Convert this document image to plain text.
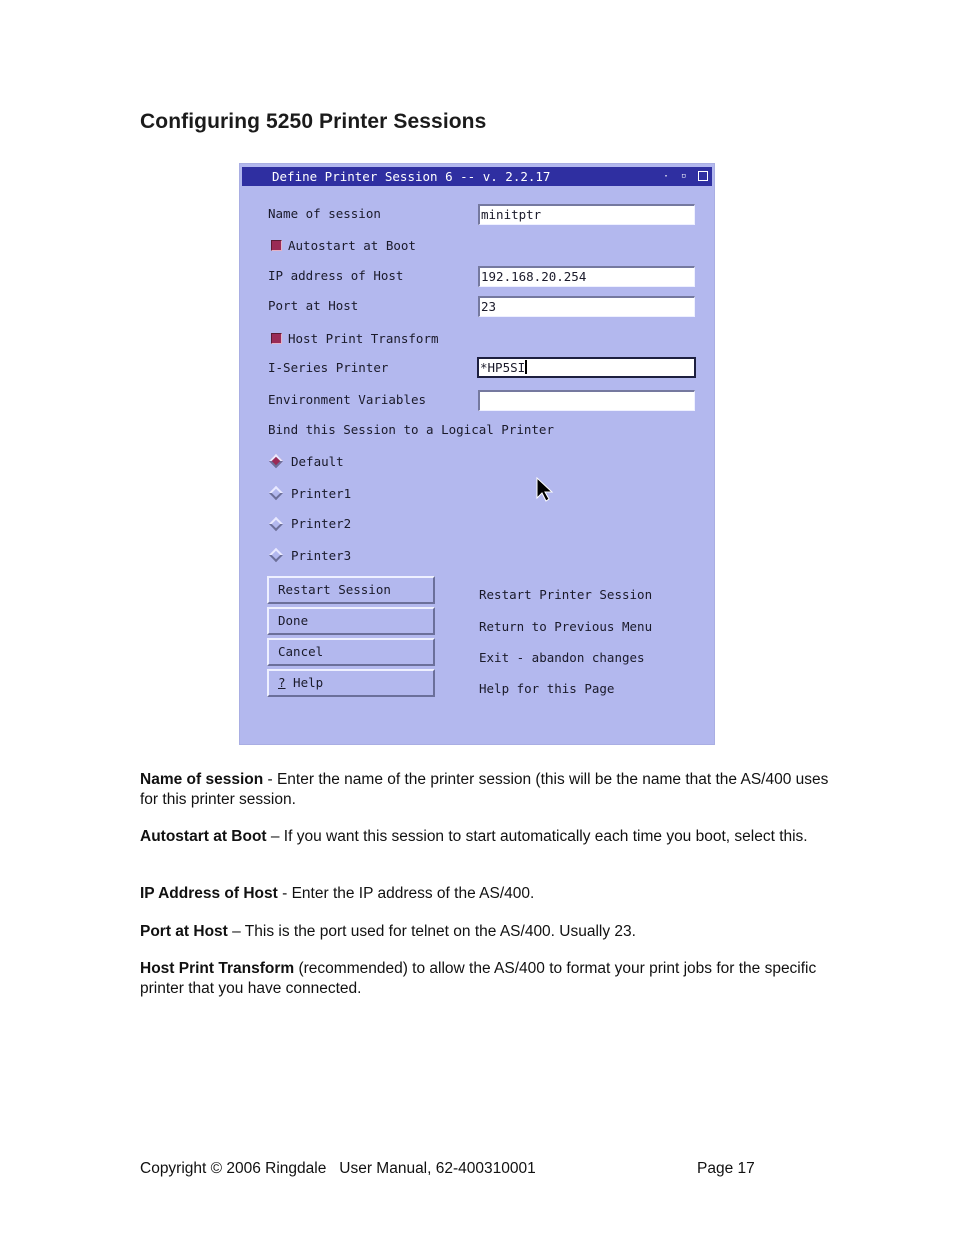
Configuring 5250 Printer Sessions
Define Printer Session 6 -- v. 2.2.17	· ▫
Name of session	minitptr
Autostart at Boot
IP address of Host	192.168.20.254
Port at Host	23
Host Print Transform
I-Series Printer	*HP5SI
Environment Variables
Bind this Session to a Logical Printer
Default
Printer1
Printer2
Printer3
Restart Session	Restart Printer Session
Done	Return to Previous Menu
Cancel	Exit - abandon changes
? Help	Help for this Page
Name of session - Enter the name of the printer session (this will be the name that the AS/400 uses for this printer session.
Autostart at Boot – If you want this session to start automatically each time you boot, select this.
IP Address of Host - Enter the IP address of the AS/400.
Port at Host – This is the port used for telnet on the AS/400. Usually 23.
Host Print Transform (recommended) to allow the AS/400 to format your print jobs for the specific printer that you have connected.
Copyright © 2006 Ringdale   User Manual, 62-400310001	Page 17
